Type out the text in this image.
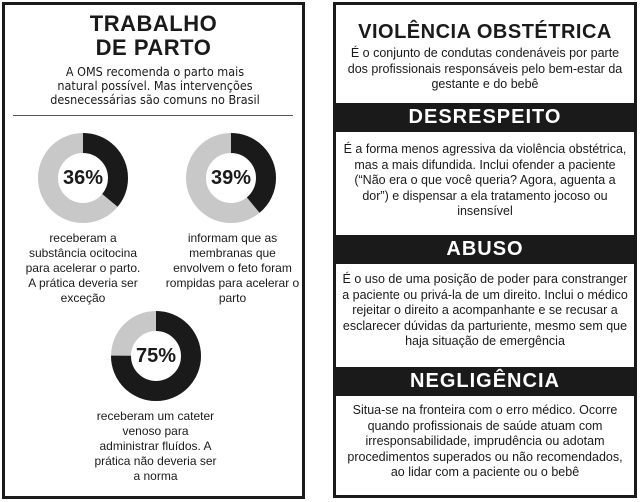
TRABALHO
DE PARTO
A OMS recomenda o parto mais natural possível. Mas intervenções desnecessárias são comuns no Brasil
36%
receberam a substância ocitocina para acelerar o parto. A prática deveria ser exceção
39%
informam que as membranas que envolvem o feto foram rompidas para acelerar o parto
75%
receberam um cateter venoso para administrar fluídos. A prática não deveria ser a norma
VIOLÊNCIA OBSTÉTRICA
É o conjunto de condutas condenáveis por parte dos profissionais responsáveis pelo bem-estar da gestante e do bebê
DESRESPEITO
É a forma menos agressiva da violência obstétrica, mas a mais difundida. Inclui ofender a paciente (“Não era o que você queria? Agora, aguenta a dor”) e dispensar a ela tratamento jocoso ou insensível
ABUSO
É o uso de uma posição de poder para constranger a paciente ou privá-la de um direito. Inclui o médico rejeitar o direito a acompanhante e se recusar a esclarecer dúvidas da parturiente, mesmo sem que haja situação de emergência
NEGLIGÊNCIA
Situa-se na fronteira com o erro médico. Ocorre quando profissionais de saúde atuam com irresponsabilidade, imprudência ou adotam procedimentos superados ou não recomendados, ao lidar com a paciente ou o bebê
